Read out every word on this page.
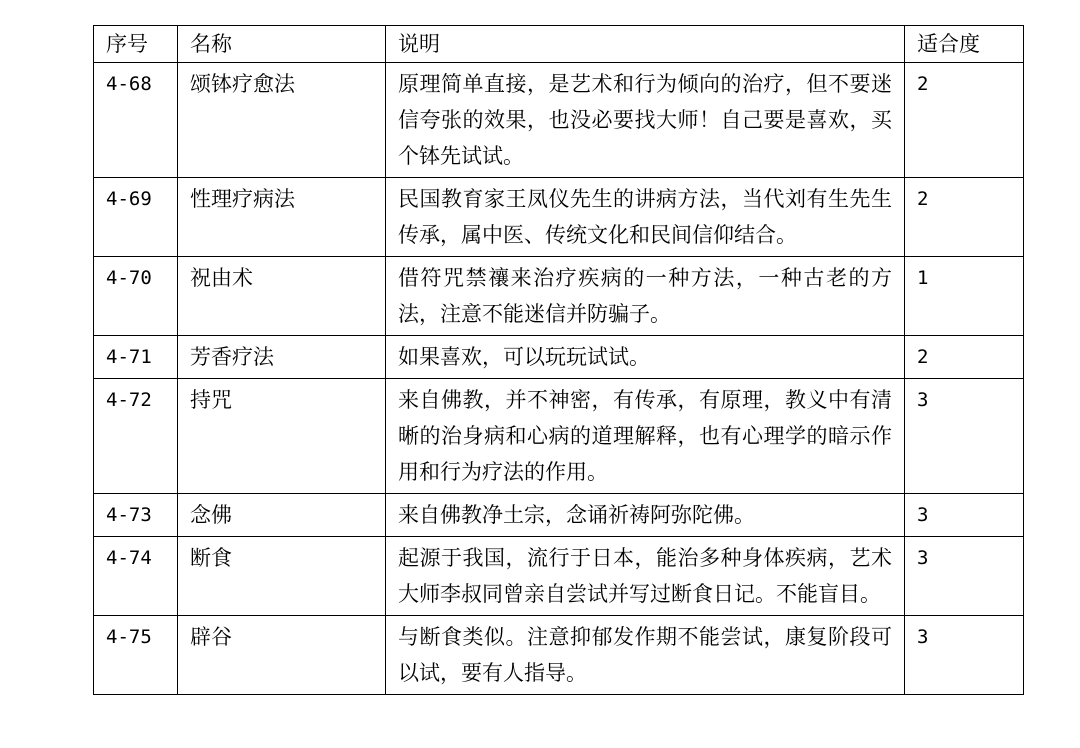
序号	名称	说明	适合度
4-68	颂钵疗愈法	原理简单直接，是艺术和行为倾向的治疗，但不要迷信夸张的效果，也没必要找大师！自己要是喜欢，买个钵先试试。	2
4-69	性理疗病法	民国教育家王凤仪先生的讲病方法，当代刘有生先生传承，属中医、传统文化和民间信仰结合。	2
4-70	祝由术	借符咒禁禳来治疗疾病的一种方法，一种古老的方法，注意不能迷信并防骗子。	1
4-71	芳香疗法	如果喜欢，可以玩玩试试。	2
4-72	持咒	来自佛教，并不神密，有传承，有原理，教义中有清晰的治身病和心病的道理解释，也有心理学的暗示作用和行为疗法的作用。	3
4-73	念佛	来自佛教净土宗，念诵祈祷阿弥陀佛。	3
4-74	断食	起源于我国，流行于日本，能治多种身体疾病，艺术大师李叔同曾亲自尝试并写过断食日记。不能盲目。	3
4-75	辟谷	与断食类似。注意抑郁发作期不能尝试，康复阶段可以试，要有人指导。	3
